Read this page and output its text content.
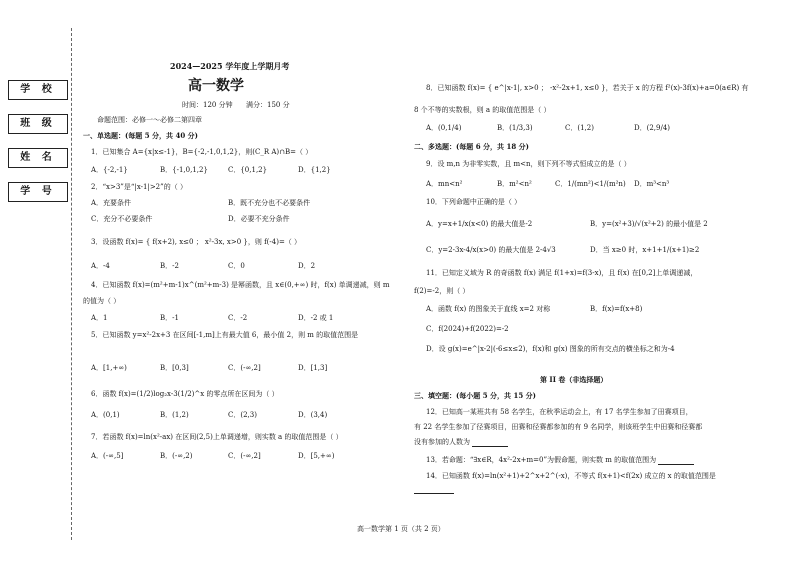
学 校
班 级
姓 名
学 号
2024—2025 学年度上学期月考
高一数学
时间：120 分钟 满分：150 分
命题范围：必修一～必修二第四章
一、单选题：(每题 5 分，共 40 分)
1．已知集合 A={x|x≤-1}，B={-2,-1,0,1,2}，则(C_R A)∩B=（ ）
A．{-2,-1}	B．{-1,0,1,2}	C．{0,1,2}	D．{1,2}
2．“x>3”是“|x-1|>2”的（ ）
A．充要条件	B．既不充分也不必要条件
C．充分不必要条件	D．必要不充分条件
3．设函数 f(x)= { f(x+2), x≤0 ； x²-3x, x>0 }，则 f(-4)=（ ）
A．-4	B．-2	C．0	D．2
4．已知函数 f(x)=(m²+m-1)x^(m²+m-3) 是幂函数，且 x∈(0,+∞) 时，f(x) 单调递减，则 m
的值为（ ）
A．1	B．-1	C．-2	D．-2 或 1
5．已知函数 y=x²-2x+3 在区间[-1,m]上有最大值 6，最小值 2，则 m 的取值范围是
A．[1,+∞)	B．[0,3]	C．(-∞,2]	D．[1,3]
6．函数 f(x)=(1/2)log₂x-3(1/2)^x 的零点所在区间为（ ）
A．(0,1)	B．(1,2)	C．(2,3)	D．(3,4)
7．若函数 f(x)=ln(x²-ax) 在区间(2,5)上单调递增，则实数 a 的取值范围是（ ）
A．(-∞,5]	B．(-∞,2)	C．(-∞,2]	D．[5,+∞)
8．已知函数 f(x)= { e^|x-1|, x>0 ； -x²-2x+1, x≤0 }，若关于 x 的方程 f²(x)-3f(x)+a=0(a∈R) 有
8 个不等的实数根，则 a 的取值范围是（ ）
A．(0,1/4)	B．(1/3,3)	C．(1,2)	D．(2,9/4)
二、多选题：(每题 6 分，共 18 分)
9．设 m,n 为非零实数，且 m<n，则下列不等式恒成立的是（ ）
A．mn<n²	B．m²<n²	C．1/(mn²)<1/(m²n) D．m³<n³
10．下列命题中正确的是（ ）
A．y=x+1/x(x<0) 的最大值是-2	B．y=(x²+3)/√(x²+2) 的最小值是 2
C．y=2-3x-4/x(x>0) 的最大值是 2-4√3	D．当 x≥0 时，x+1+1/(x+1)≥2
11．已知定义域为 R 的奇函数 f(x) 满足 f(1+x)=f(3-x)，且 f(x) 在[0,2]上单调递减，
f(2)=-2，则（ ）
A．函数 f(x) 的图象关于直线 x=2 对称	B．f(x)=f(x+8)
C．f(2024)+f(2022)=-2
D．设 g(x)=e^|x-2|(-6≤x≤2)，f(x)和 g(x) 图象的所有交点的横坐标之和为-4
第 II 卷（非选择题）
三、填空题：(每小题 5 分，共 15 分)
12．已知高一某班共有 58 名学生，在秋季运动会上，有 17 名学生参加了田赛项目，
有 22 名学生参加了径赛项目，田赛和径赛都参加的有 9 名同学，则该班学生中田赛和径赛都
没有参加的人数为
13．若命题：“∃x∈R，4x²-2x+m=0”为假命题，则实数 m 的取值范围为
14．已知函数 f(x)=ln(x²+1)+2^x+2^(-x)，不等式 f(x+1)<f(2x) 成立的 x 的取值范围是
高一数学第 1 页（共 2 页）
